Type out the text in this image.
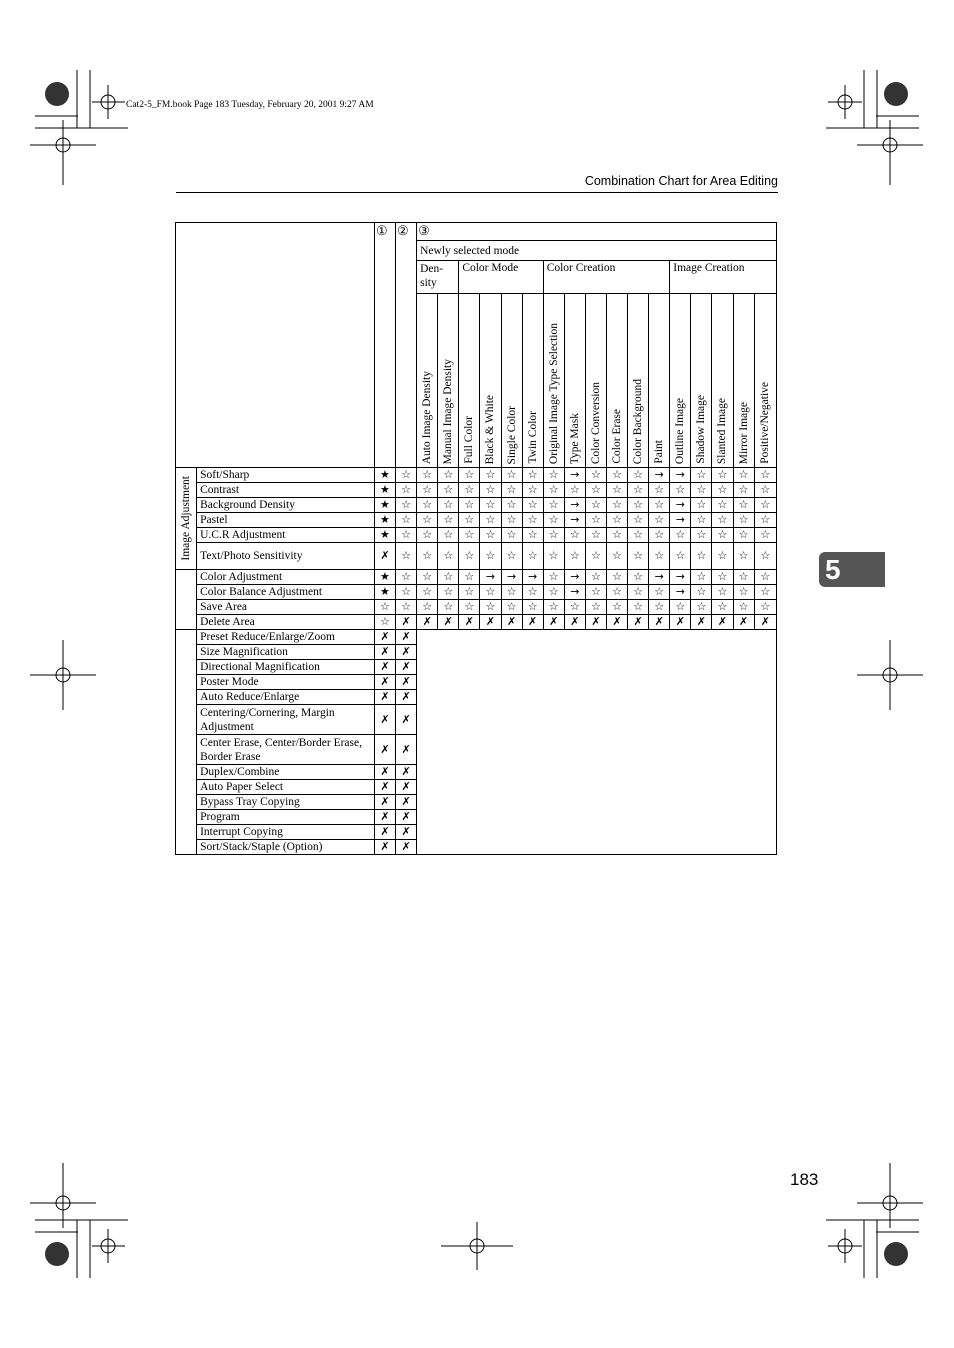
Cat2-5_FM.book Page 183 Tuesday, February 20, 2001 9:27 AM
Combination Chart for Area Editing
5
183
		①	②	③																
				Newly selected mode																
				Den-
sity		Color Mode				Color Creation						Image Creation				

				Auto Image Density	Manual Image Density	Full Color	Black & White	Single Color	Twin Color	Original Image Type Selection	Type Mask	Color Conversion	Color Erase	Color Background	Paint	Outline Image	Shadow Image	Slanted Image	Mirror Image	Positive/Negative

Image Adjustment	Soft/Sharp	★	☆	☆	☆	☆	☆	☆	☆	☆	→	☆	☆	☆	→	→	☆	☆	☆	☆
	Contrast	★	☆	☆	☆	☆	☆	☆	☆	☆	☆	☆	☆	☆	☆	☆	☆	☆	☆	☆
	Background Density	★	☆	☆	☆	☆	☆	☆	☆	☆	→	☆	☆	☆	☆	→	☆	☆	☆	☆
	Pastel	★	☆	☆	☆	☆	☆	☆	☆	☆	→	☆	☆	☆	☆	→	☆	☆	☆	☆
	U.C.R Adjustment	★	☆	☆	☆	☆	☆	☆	☆	☆	☆	☆	☆	☆	☆	☆	☆	☆	☆	☆
	Text/Photo Sensitivity	✗	☆	☆	☆	☆	☆	☆	☆	☆	☆	☆	☆	☆	☆	☆	☆	☆	☆	☆
	Color Adjustment	★	☆	☆	☆	☆	→	→	→	☆	→	☆	☆	☆	→	→	☆	☆	☆	☆
	Color Balance Adjustment	★	☆	☆	☆	☆	☆	☆	☆	☆	→	☆	☆	☆	☆	→	☆	☆	☆	☆
	Save Area	☆	☆	☆	☆	☆	☆	☆	☆	☆	☆	☆	☆	☆	☆	☆	☆	☆	☆	☆
	Delete Area	☆	✗	✗	✗	✗	✗	✗	✗	✗	✗	✗	✗	✗	✗	✗	✗	✗	✗	✗
	Preset Reduce/Enlarge/Zoom	✗	✗																	
	Size Magnification	✗	✗																	
	Directional Magnification	✗	✗																	
	Poster Mode	✗	✗																	
	Auto Reduce/Enlarge	✗	✗																	
	Centering/Cornering, Margin Adjustment	✗	✗																	
	Center Erase, Center/Border Erase, Border Erase	✗	✗																	
	Duplex/Combine	✗	✗																	
	Auto Paper Select	✗	✗																	
	Bypass Tray Copying	✗	✗																	
	Program	✗	✗																	
	Interrupt Copying	✗	✗																	
	Sort/Stack/Staple (Option)	✗	✗																	
